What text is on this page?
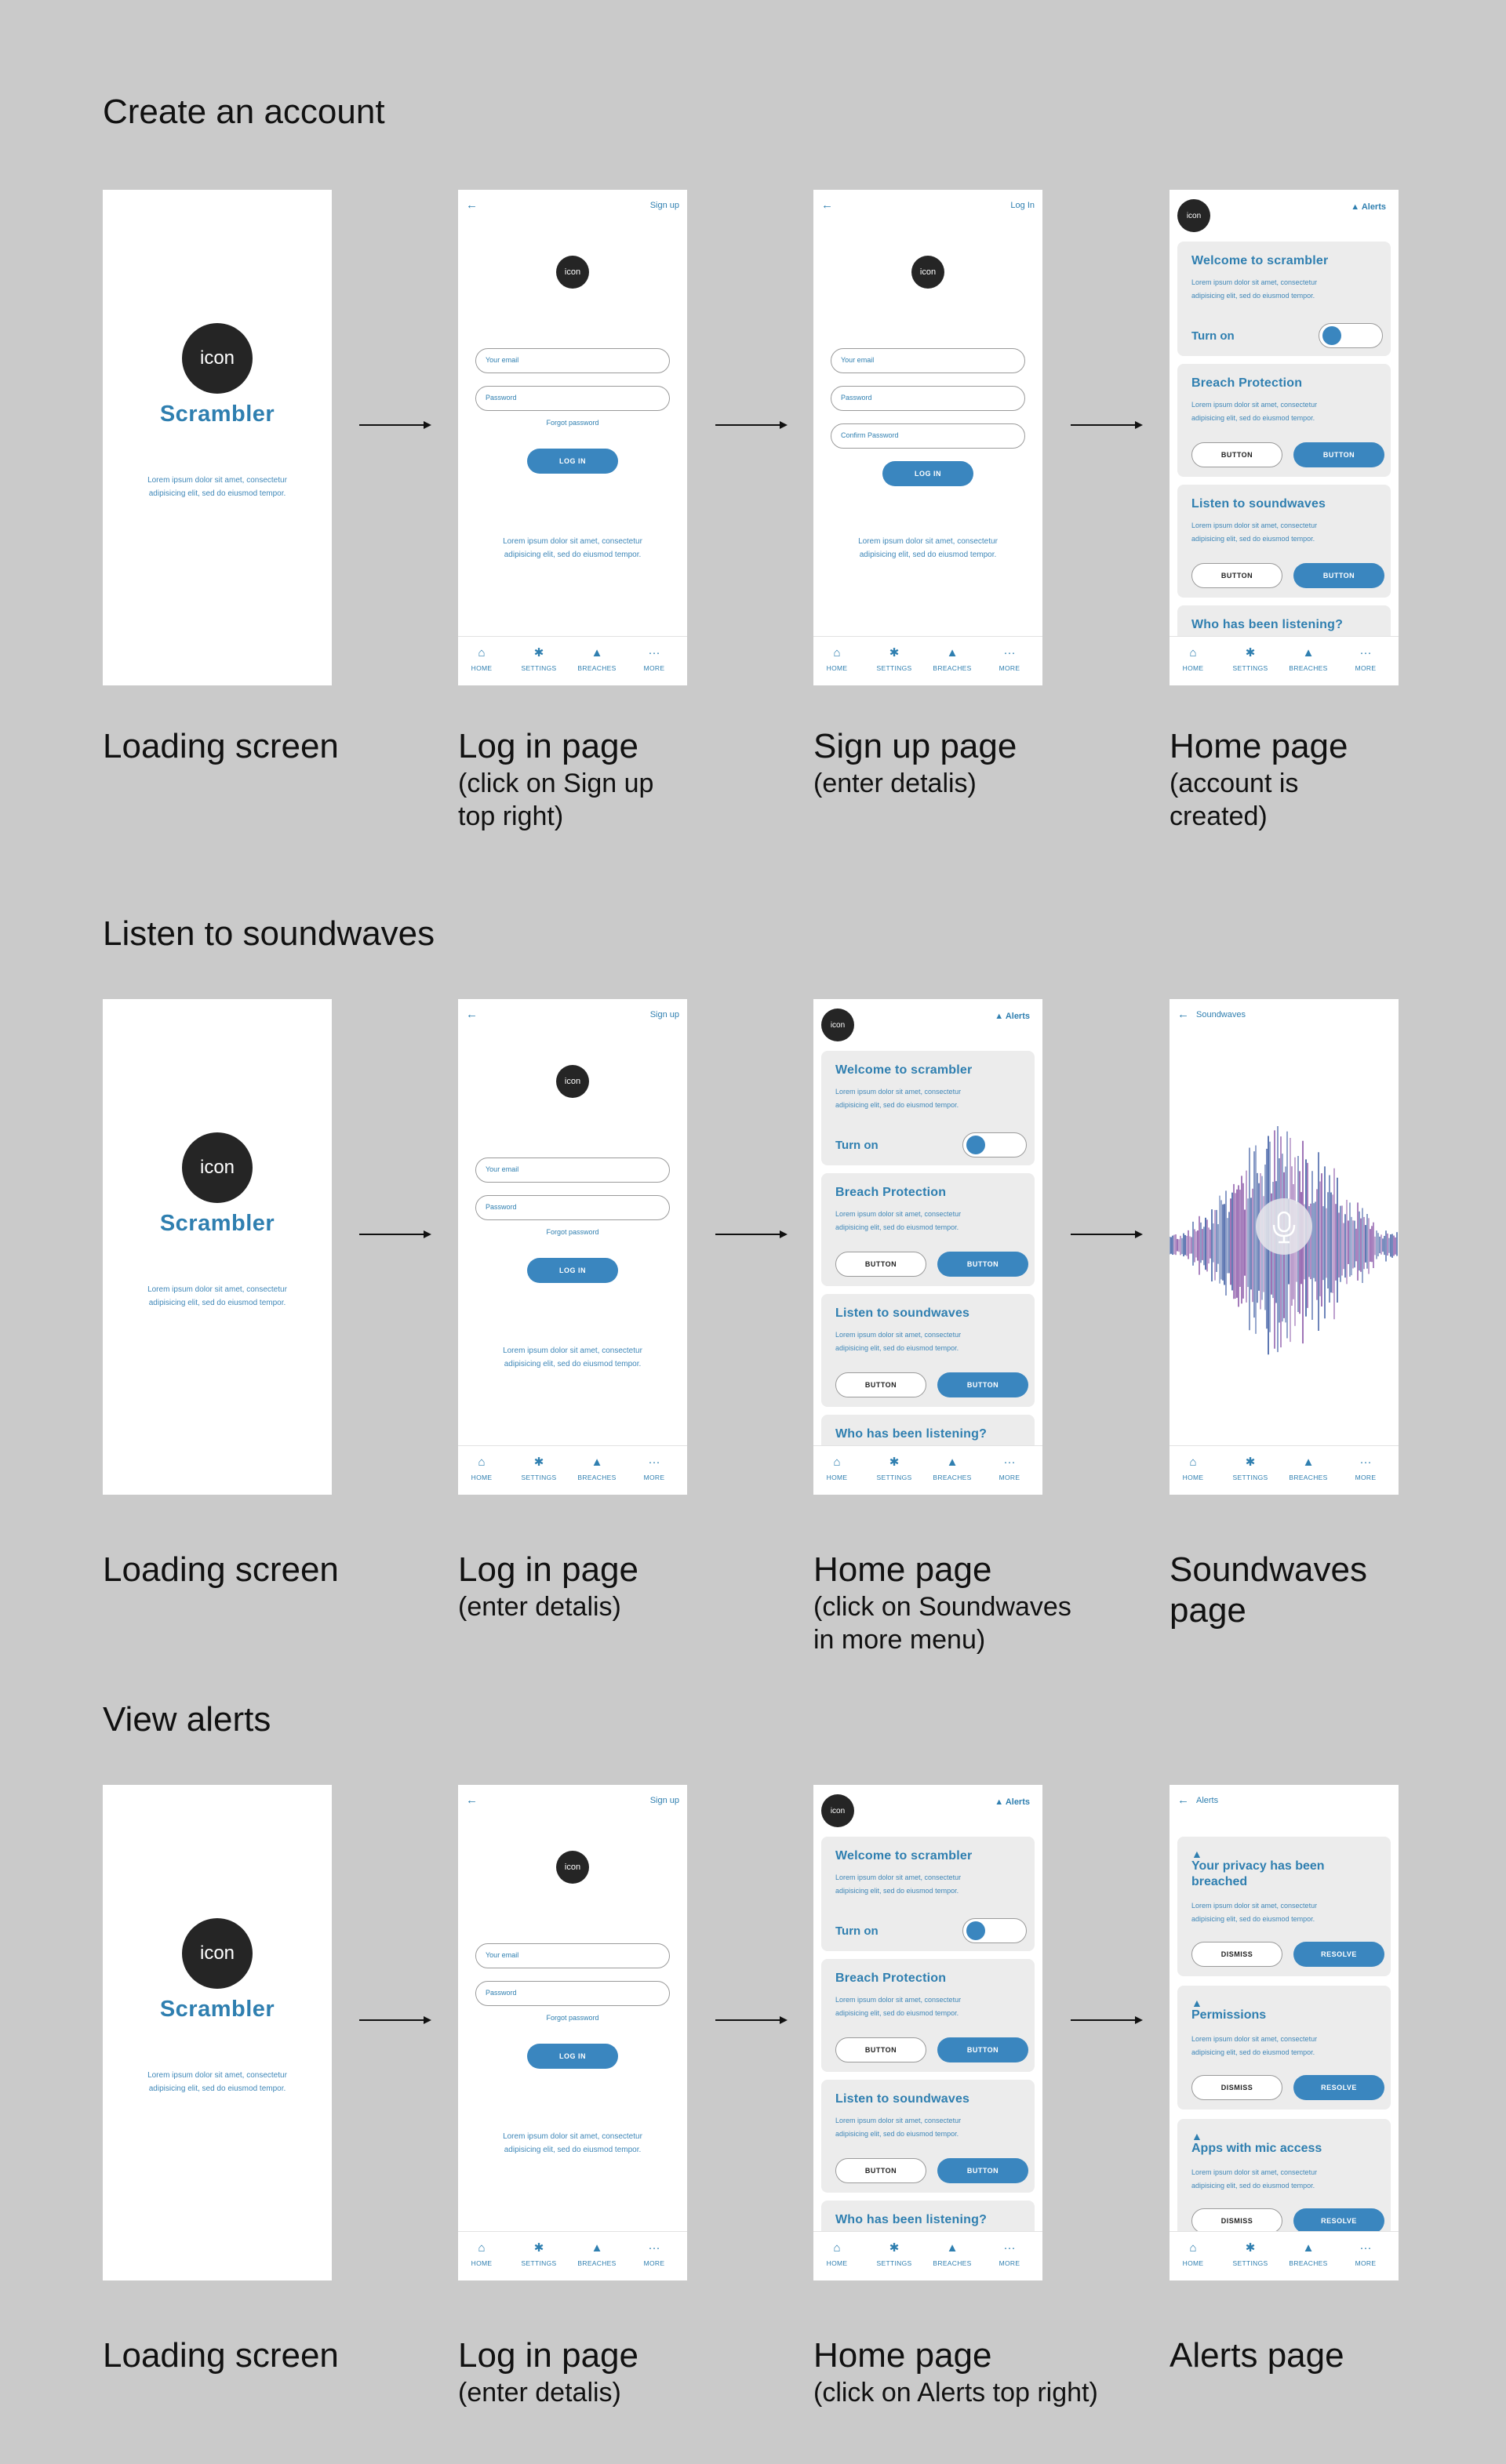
Create an account
Listen to soundwaves
View alerts
icon
Scrambler
Lorem ipsum dolor sit amet, consectetur adipisicing elit, sed do eiusmod tempor.
←	Sign up
icon
Your email
Password
Forgot password
LOG IN
Lorem ipsum dolor sit amet, consectetur adipisicing elit, sed do eiusmod tempor.
⌂
HOME
✱
SETTINGS
▲
BREACHES
···
MORE
←	Log In
icon
Your email
Password
Confirm Password
LOG IN
Lorem ipsum dolor sit amet, consectetur adipisicing elit, sed do eiusmod tempor.
⌂
HOME
✱
SETTINGS
▲
BREACHES
···
MORE
icon
▲ Alerts
Welcome to scrambler
Lorem ipsum dolor sit amet, consectetur adipisicing elit, sed do eiusmod tempor.
Turn on
Breach Protection
Lorem ipsum dolor sit amet, consectetur adipisicing elit, sed do eiusmod tempor.
BUTTON	BUTTON
Listen to soundwaves
Lorem ipsum dolor sit amet, consectetur adipisicing elit, sed do eiusmod tempor.
BUTTON	BUTTON
Who has been listening?
⌂
HOME
✱
SETTINGS
▲
BREACHES
···
MORE
icon
Scrambler
Lorem ipsum dolor sit amet, consectetur adipisicing elit, sed do eiusmod tempor.
←	Sign up
icon
Your email
Password
Forgot password
LOG IN
Lorem ipsum dolor sit amet, consectetur adipisicing elit, sed do eiusmod tempor.
⌂
HOME
✱
SETTINGS
▲
BREACHES
···
MORE
icon
▲ Alerts
Welcome to scrambler
Lorem ipsum dolor sit amet, consectetur adipisicing elit, sed do eiusmod tempor.
Turn on
Breach Protection
Lorem ipsum dolor sit amet, consectetur adipisicing elit, sed do eiusmod tempor.
BUTTON	BUTTON
Listen to soundwaves
Lorem ipsum dolor sit amet, consectetur adipisicing elit, sed do eiusmod tempor.
BUTTON	BUTTON
Who has been listening?
⌂
HOME
✱
SETTINGS
▲
BREACHES
···
MORE
← Soundwaves
⌂
HOME
✱
SETTINGS
▲
BREACHES
···
MORE
icon
Scrambler
Lorem ipsum dolor sit amet, consectetur adipisicing elit, sed do eiusmod tempor.
←	Sign up
icon
Your email
Password
Forgot password
LOG IN
Lorem ipsum dolor sit amet, consectetur adipisicing elit, sed do eiusmod tempor.
⌂
HOME
✱
SETTINGS
▲
BREACHES
···
MORE
icon
▲ Alerts
Welcome to scrambler
Lorem ipsum dolor sit amet, consectetur adipisicing elit, sed do eiusmod tempor.
Turn on
Breach Protection
Lorem ipsum dolor sit amet, consectetur adipisicing elit, sed do eiusmod tempor.
BUTTON	BUTTON
Listen to soundwaves
Lorem ipsum dolor sit amet, consectetur adipisicing elit, sed do eiusmod tempor.
BUTTON	BUTTON
Who has been listening?
⌂
HOME
✱
SETTINGS
▲
BREACHES
···
MORE
← Alerts
▲
Your privacy has been breached
Lorem ipsum dolor sit amet, consectetur adipisicing elit, sed do eiusmod tempor.
DISMISS	RESOLVE
▲
Permissions
Lorem ipsum dolor sit amet, consectetur adipisicing elit, sed do eiusmod tempor.
DISMISS	RESOLVE
▲
Apps with mic access
Lorem ipsum dolor sit amet, consectetur adipisicing elit, sed do eiusmod tempor.
DISMISS	RESOLVE
⌂
HOME
✱
SETTINGS
▲
BREACHES
···
MORE
Loading screen	Log in page
(click on Sign up
top right)
Sign up page
(enter detalis)
Home page
(account is
created)
Loading screen	Log in page
(enter detalis)
Home page
(click on Soundwaves
in more menu)
Soundwaves
page
Loading screen	Log in page
(enter detalis)
Home page
(click on Alerts top right)
Alerts page
